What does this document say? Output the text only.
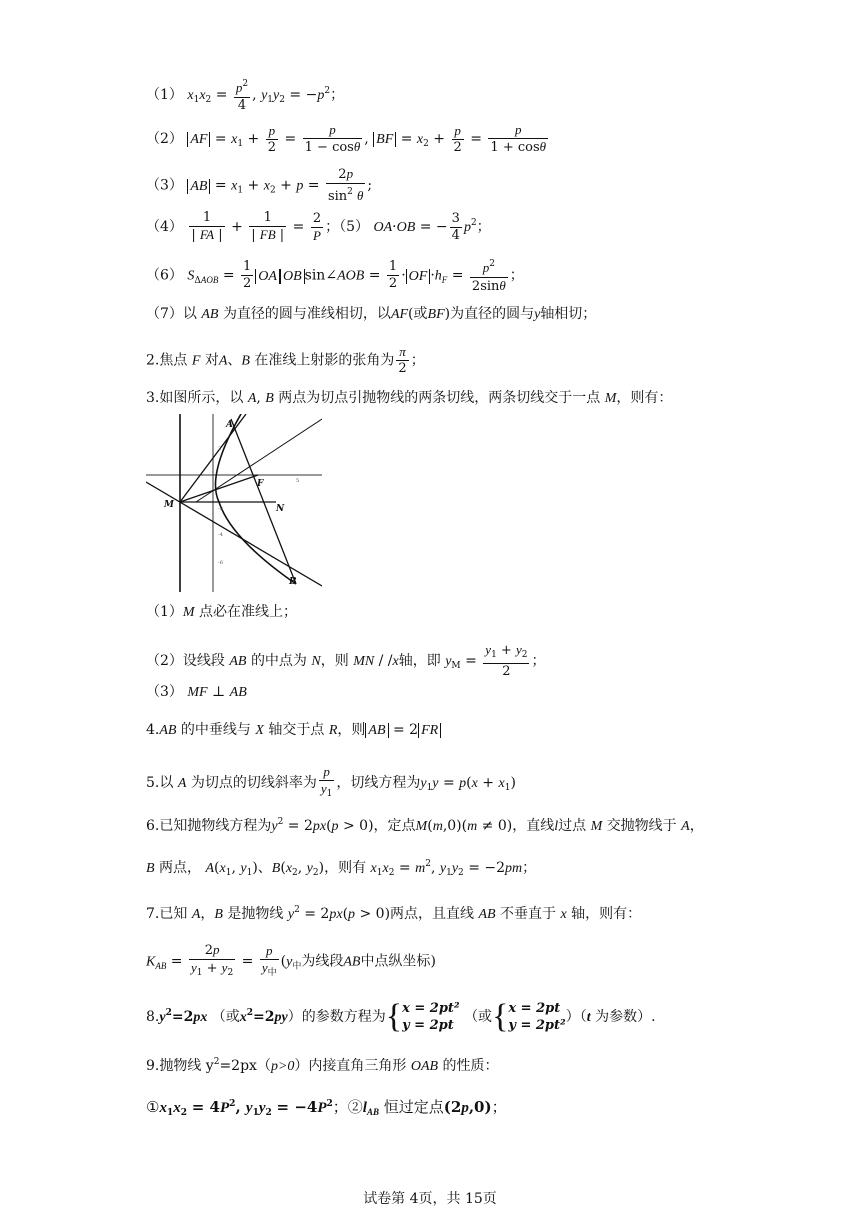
（1） $x_1x_2 = \frac{p^2}{4}$ , $y_1y_2 = -p^2$；
（2） AF = $x_1 + \frac{p}{2} = \frac{p}{1 - \cos\theta}$ , BF = $x_2 + \frac{p}{2} = \frac{p}{1 + \cos\theta}$
（3） AB = $x_1 + x_2 + p = \frac{2p}{\sin^2 \theta}$ ;
$(4) \frac{1}{| FA |} + \frac{1}{| FB |} = \frac{2}{P}$ ；（5） OA·OB = − $\frac{3}{4} p^2$；
（6） $S_{\Delta AOB} = \frac{1}{2}$ OA OB sin∠AOB = $\frac{1}{2}$ · OF $\cdot h_F = \frac{p^2}{2\sin\theta}$ ；
（7）以 AB 为直径的圆与准线相切，以AF(或BF)为直径的圆与y轴相切；
2.焦点 F 对A、B 在准线上射影的张角为 $\frac{\pi}{2}$ ；
3.如图所示，以 A, B 两点为切点引抛物线的两条切线，两条切线交于一点 M，则有：
2
-2
-4
-6
5
A
F
M	N
B
（1）M 点必在准线上；
（2）设线段 AB 的中点为 N，则 MN / /x轴，即 $y_M = \frac{y_1 + y_2}{2}$ ；
（3） MF ⊥ AB
4.AB 的中垂线与 X 轴交于点 R，则 AB = 2 FR
5.以 A 为切点的切线斜率为 $\frac{p}{y_1}$ ，切线方程为$y_1y = p(x + x_1)$
6.已知抛物线方程为$y^2 = 2px(p > 0)$，定点M(m,0)(m ≠ 0)，直线l过点 M 交抛物线于 A，
B 两点， $A(x_1$, $y_1$)、$B(x_2$, $y_2$)，则有 $x_1x_2 = m^2$, $y_1y_2 = -2pm$；
7.已知 A，B 是抛物线 $y^2 = 2px(p > 0)$两点，且直线 AB 不垂直于 x 轴，则有：
$K_{AB} = \frac{2p}{y_1 + y_2} = \frac{p}{y_中} (y_中$为线段AB中点纵坐标)
$8.y^2=2px$ （或$x^2=2py$）的参数方程为{x = 2pt²
y = 2pt （或{x = 2pt
y = 2pt²）（t 为参数）.
9.抛物线 $y^2=2px(p>0)$内接直角三角形 OAB 的性质：
$①x_1x_2 = 4P^2$, $y_1y_2 = -4P^2$；$②l_{AB}$ 恒过定点(2p,0)；
试卷第 4页，共 15页
